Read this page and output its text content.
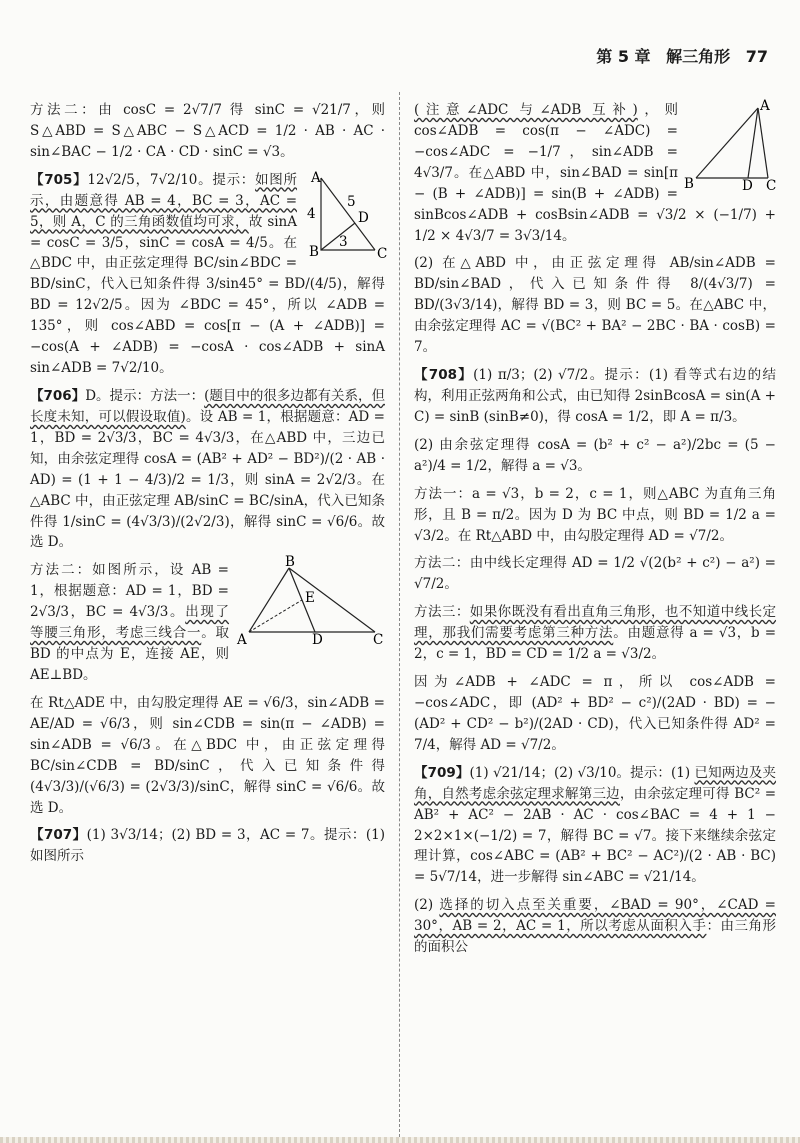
第 5 章 解三角形 77

方法二：由 cosC = 2√7/7 得 sinC = √21/7，则 S△ABD = S△ABC − S△ACD = 1/2 · AB · AC · sin∠BAC − 1/2 · CA · CD · sinC = √3。

A
B	C
D
5
4
3
【705】12√2/5，7√2/10。提示：如图所示，由题意得 AB = 4，BC = 3，AC = 5，则 A，C 的三角函数值均可求，故 sinA = cosC = 3/5，sinC = cosA = 4/5。在△BDC 中，由正弦定理得 BC/sin∠BDC = BD/sinC，代入已知条件得 3/sin45° = BD/(4/5)，解得 BD = 12√2/5。因为 ∠BDC = 45°，所以 ∠ADB = 135°，则 cos∠ABD = cos[π − (A + ∠ADB)] = −cos(A + ∠ADB) = −cosA · cos∠ADB + sinA sin∠ADB = 7√2/10。

【706】D。提示：方法一：(题目中的很多边都有关系，但长度未知，可以假设取值)。设 AB = 1，根据题意：AD = 1，BD = 2√3/3，BC = 4√3/3，在△ABD 中，三边已知，由余弦定理得 cosA = (AB² + AD² − BD²)/(2 · AB · AD) = (1 + 1 − 4/3)/2 = 1/3，则 sinA = 2√2/3。在△ABC 中，由正弦定理 AB/sinC = BC/sinA，代入已知条件得 1/sinC = (4√3/3)/(2√2/3)，解得 sinC = √6/6。故选 D。

B
A	C
D
E
方法二：如图所示，设 AB = 1，根据题意：AD = 1，BD = 2√3/3，BC = 4√3/3。出现了等腰三角形，考虑三线合一。取 BD 的中点为 E，连接 AE，则 AE⊥BD。

在 Rt△ADE 中，由勾股定理得 AE = √6/3，sin∠ADB = AE/AD = √6/3，则 sin∠CDB = sin(π − ∠ADB) = sin∠ADB = √6/3。在△BDC 中，由正弦定理得 BC/sin∠CDB = BD/sinC，代入已知条件得 (4√3/3)/(√6/3) = (2√3/3)/sinC，解得 sinC = √6/6。故选 D。

【707】(1) 3√3/14；(2) BD = 3，AC = 7。提示：(1) 如图所示

A
B	D C
(注意∠ADC 与∠ADB 互补)，则 cos∠ADB = cos(π − ∠ADC) = −cos∠ADC = −1/7，sin∠ADB = 4√3/7。在△ABD 中，sin∠BAD = sin[π − (B + ∠ADB)] = sin(B + ∠ADB) = sinBcos∠ADB + cosBsin∠ADB = √3/2 × (−1/7) + 1/2 × 4√3/7 = 3√3/14。

(2) 在△ABD 中，由正弦定理得 AB/sin∠ADB = BD/sin∠BAD，代入已知条件得 8/(4√3/7) = BD/(3√3/14)，解得 BD = 3，则 BC = 5。在△ABC 中，由余弦定理得 AC = √(BC² + BA² − 2BC · BA · cosB) = 7。

【708】(1) π/3；(2) √7/2。提示：(1) 看等式右边的结构，利用正弦两角和公式，由已知得 2sinBcosA = sin(A + C) = sinB (sinB≠0)，得 cosA = 1/2，即 A = π/3。

(2) 由余弦定理得 cosA = (b² + c² − a²)/2bc = (5 − a²)/4 = 1/2，解得 a = √3。

方法一：a = √3，b = 2，c = 1，则△ABC 为直角三角形，且 B = π/2。因为 D 为 BC 中点，则 BD = 1/2 a = √3/2。在 Rt△ABD 中，由勾股定理得 AD = √7/2。

方法二：由中线长定理得 AD = 1/2 √(2(b² + c²) − a²) = √7/2。

方法三：如果你既没有看出直角三角形，也不知道中线长定理，那我们需要考虑第三种方法。由题意得 a = √3，b = 2，c = 1，BD = CD = 1/2 a = √3/2。

因为∠ADB + ∠ADC = π，所以 cos∠ADB = −cos∠ADC，即 (AD² + BD² − c²)/(2AD · BD) = −(AD² + CD² − b²)/(2AD · CD)，代入已知条件得 AD² = 7/4，解得 AD = √7/2。

【709】(1) √21/14；(2) √3/10。提示：(1) 已知两边及夹角，自然考虑余弦定理求解第三边，由余弦定理可得 BC² = AB² + AC² − 2AB · AC · cos∠BAC = 4 + 1 − 2×2×1×(−1/2) = 7，解得 BC = √7。接下来继续余弦定理计算，cos∠ABC = (AB² + BC² − AC²)/(2 · AB · BC) = 5√7/14，进一步解得 sin∠ABC = √21/14。

(2) 选择的切入点至关重要，∠BAD = 90°，∠CAD = 30°，AB = 2，AC = 1，所以考虑从面积入手：由三角形的面积公
